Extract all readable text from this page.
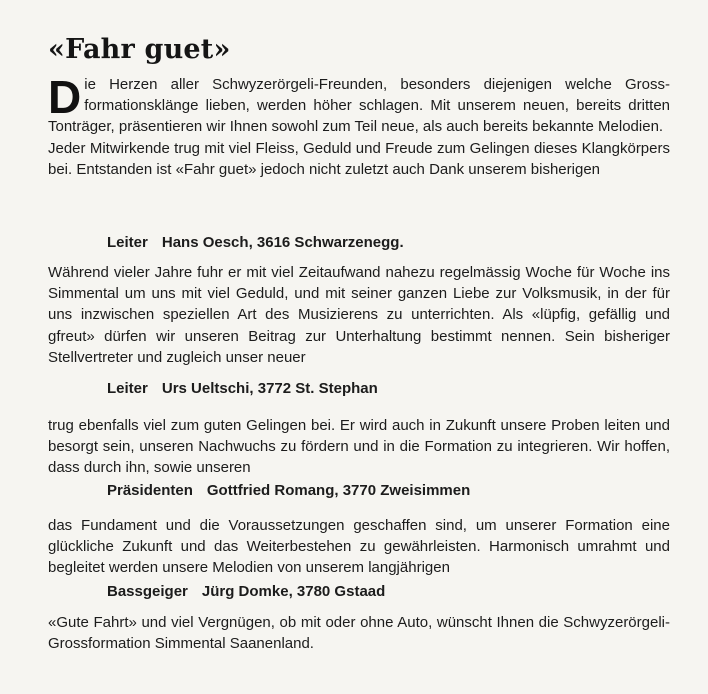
«Fahr guet»
Die Herzen aller Schwyzerörgeli-Freunden, besonders diejenigen welche Grossformationsklänge lieben, werden höher schlagen. Mit unserem neuen, bereits dritten Tonträger, präsentieren wir Ihnen sowohl zum Teil neue, als auch bereits bekannte Melodien.
Jeder Mitwirkende trug mit viel Fleiss, Geduld und Freude zum Gelingen dieses Klangkörpers bei. Entstanden ist «Fahr guet» jedoch nicht zuletzt auch Dank unserem bisherigen

Leiter Hans Oesch, 3616 Schwarzenegg.

Während vieler Jahre fuhr er mit viel Zeitaufwand nahezu regelmässig Woche für Woche ins Simmental um uns mit viel Geduld, und mit seiner ganzen Liebe zur Volksmusik, in der für uns inzwischen speziellen Art des Musizierens zu unterrichten. Als «lüpfig, gefällig und gfreut» dürfen wir unseren Beitrag zur Unterhaltung bestimmt nennen. Sein bisheriger Stellvertreter und zugleich unser neuer

Leiter Urs Ueltschi, 3772 St. Stephan

trug ebenfalls viel zum guten Gelingen bei. Er wird auch in Zukunft unsere Proben leiten und besorgt sein, unseren Nachwuchs zu fördern und in die Formation zu integrieren. Wir hoffen, dass durch ihn, sowie unseren

Präsidenten Gottfried Romang, 3770 Zweisimmen

das Fundament und die Voraussetzungen geschaffen sind, um unserer Formation eine glückliche Zukunft und das Weiterbestehen zu gewährleisten. Harmonisch umrahmt und begleitet werden unsere Melodien von unserem langjährigen

Bassgeiger Jürg Domke, 3780 Gstaad

«Gute Fahrt» und viel Vergnügen, ob mit oder ohne Auto, wünscht Ihnen die Schwyzerörgeli-Grossformation Simmental Saanenland.
